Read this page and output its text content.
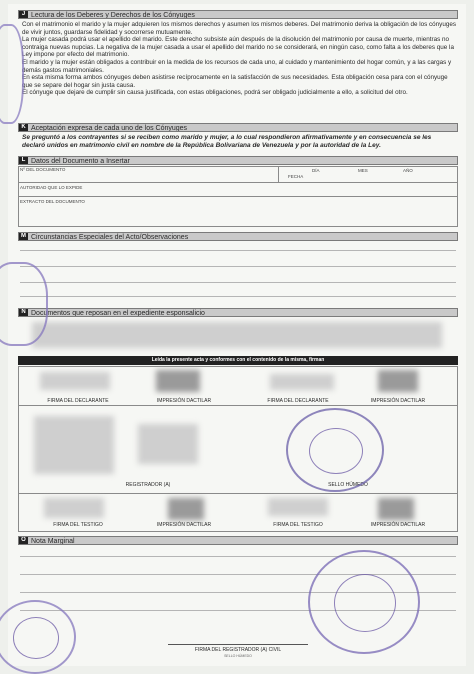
J Lectura de los Deberes y Derechos de los Cónyuges

Con el matrimonio el marido y la mujer adquieren los mismos derechos y asumen los mismos deberes. Del matrimonio deriva la obligación de los cónyuges de vivir juntos, guardarse fidelidad y socorrerse mutuamente.

La mujer casada podrá usar el apellido del marido. Este derecho subsiste aún después de la disolución del matrimonio por causa de muerte, mientras no contraiga nuevas nupcias. La negativa de la mujer casada a usar el apellido del marido no se considerará, en ningún caso, como falta a los deberes que la Ley impone por efecto del matrimonio.

El marido y la mujer están obligados a contribuir en la medida de los recursos de cada uno, al cuidado y mantenimiento del hogar común, y a las cargas y demás gastos matrimoniales.

En esta misma forma ambos cónyuges deben asistirse recíprocamente en la satisfacción de sus necesidades. Esta obligación cesa para con el cónyuge que se separe del hogar sin justa causa.

El cónyuge que dejare de cumplir sin causa justificada, con estas obligaciones, podrá ser obligado judicialmente a ello, a solicitud del otro.

K Aceptación expresa de cada uno de los Cónyuges
Se preguntó a los contrayentes si se reciben como marido y mujer, a lo cual respondieron afirmativamente y en consecuencia se les declaró unidos en matrimonio civil en nombre de la República Bolivariana de Venezuela y por la autoridad de la Ley.
L Datos del Documento a Insertar
Nº DEL DOCUMENTO
FECHA
DÍA	MES	AÑO
AUTORIDAD QUE LO EXPIDE
EXTRACTO DEL DOCUMENTO
M Circunstancias Especiales del Acto/Observaciones
N Documentos que reposan en el expediente esponsalicio
Leída la presente acta y conformes con el contenido de la misma, firman
FIRMA DEL DECLARANTE	IMPRESIÓN DACTILAR	FIRMA DEL DECLARANTE	IMPRESIÓN DACTILAR
REGISTRADOR (A)	SELLO HÚMEDO
FIRMA DEL TESTIGO	IMPRESIÓN DACTILAR	FIRMA DEL TESTIGO	IMPRESIÓN DACTILAR
O Nota Marginal
FIRMA DEL REGISTRADOR (A) CIVIL
SELLO HÚMEDO
